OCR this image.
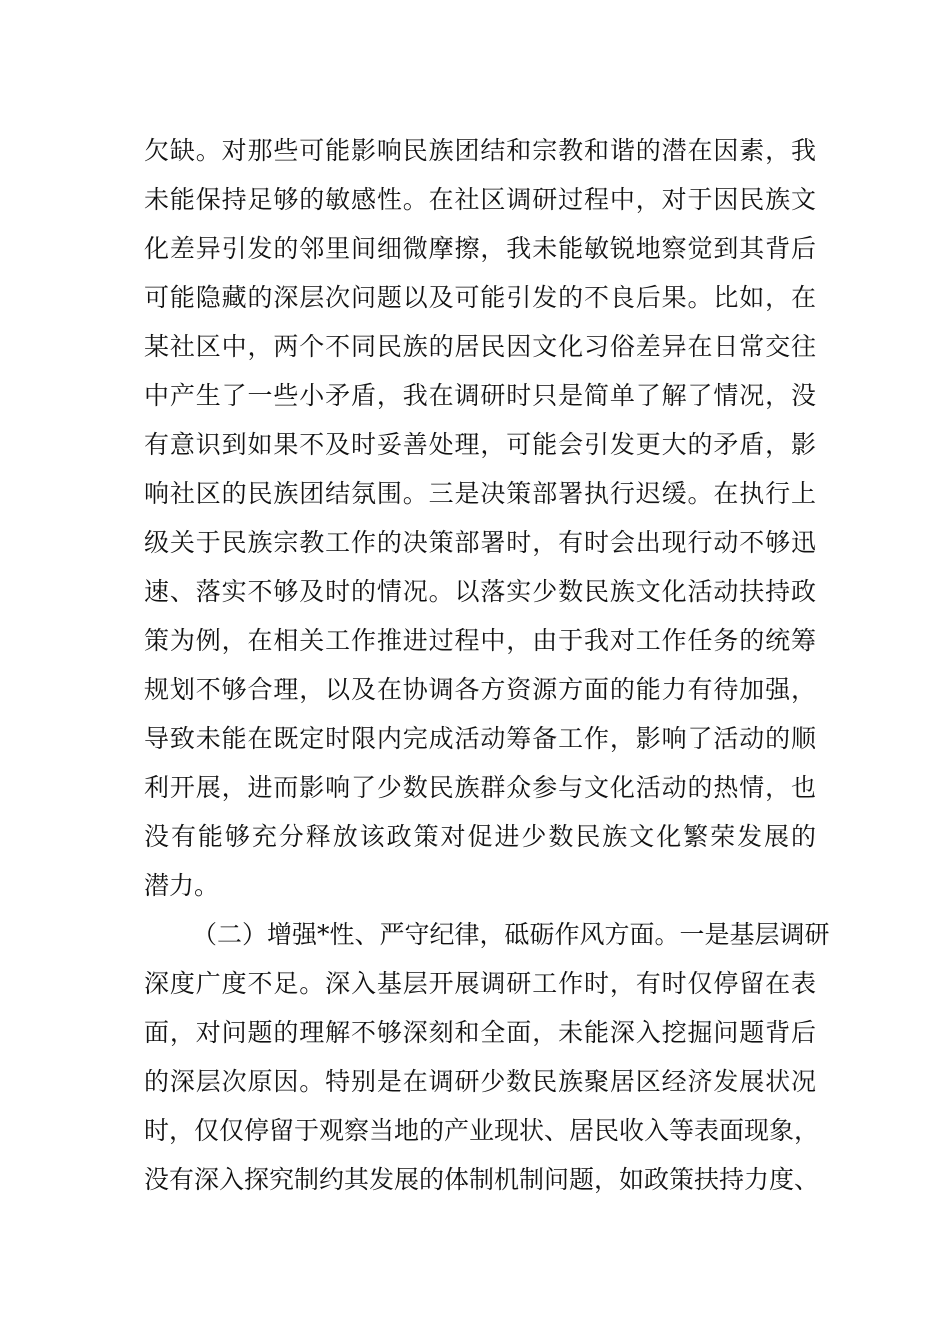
欠缺。对那些可能影响民族团结和宗教和谐的潜在因素，我
未能保持足够的敏感性。在社区调研过程中，对于因民族文
化差异引发的邻里间细微摩擦，我未能敏锐地察觉到其背后
可能隐藏的深层次问题以及可能引发的不良后果。比如，在
某社区中，两个不同民族的居民因文化习俗差异在日常交往
中产生了一些小矛盾，我在调研时只是简单了解了情况，没
有意识到如果不及时妥善处理，可能会引发更大的矛盾，影
响社区的民族团结氛围。三是决策部署执行迟缓。在执行上
级关于民族宗教工作的决策部署时，有时会出现行动不够迅
速、落实不够及时的情况。以落实少数民族文化活动扶持政
策为例，在相关工作推进过程中，由于我对工作任务的统筹
规划不够合理，以及在协调各方资源方面的能力有待加强，
导致未能在既定时限内完成活动筹备工作，影响了活动的顺
利开展，进而影响了少数民族群众参与文化活动的热情，也
没有能够充分释放该政策对促进少数民族文化繁荣发展的
潜力。
（二）增强*性、严守纪律，砥砺作风方面。一是基层调研
深度广度不足。深入基层开展调研工作时，有时仅停留在表
面，对问题的理解不够深刻和全面，未能深入挖掘问题背后
的深层次原因。特别是在调研少数民族聚居区经济发展状况
时，仅仅停留于观察当地的产业现状、居民收入等表面现象，
没有深入探究制约其发展的体制机制问题，如政策扶持力度、
